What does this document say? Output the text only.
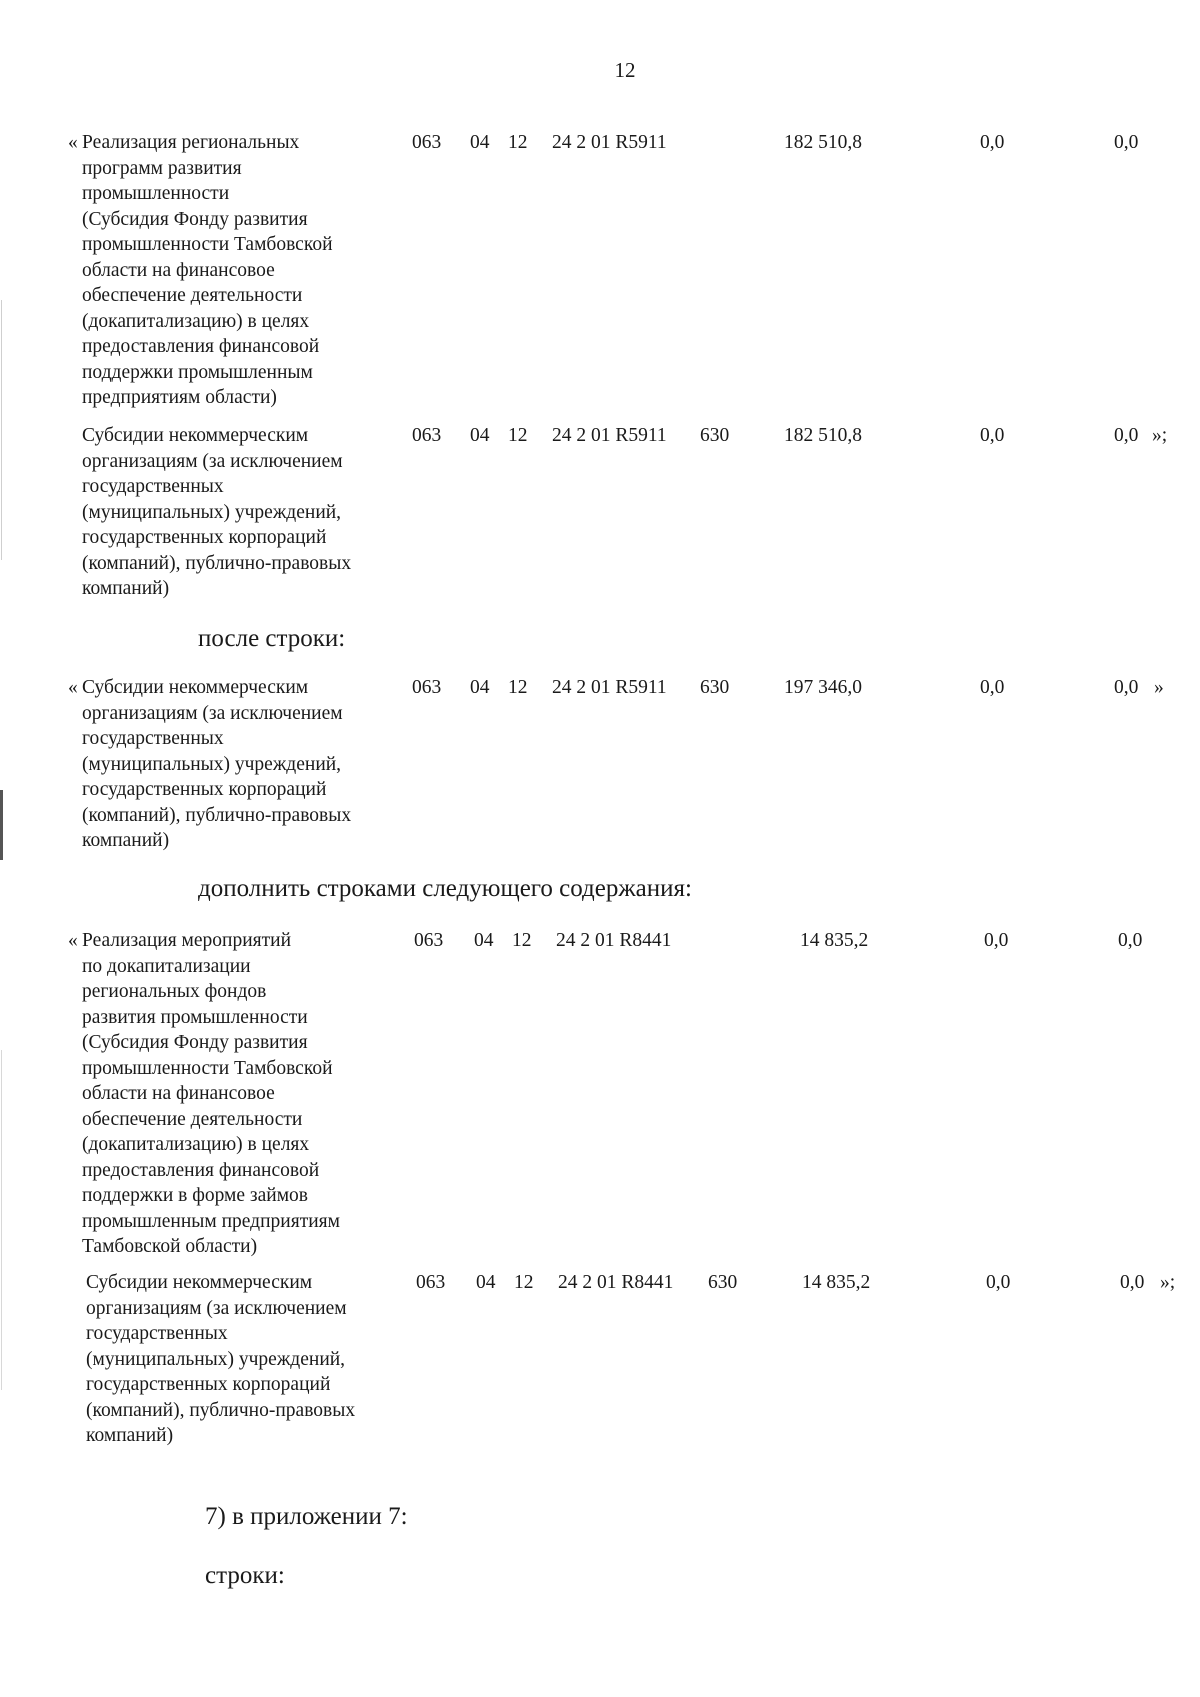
12
« Реализация региональных
программ развития
промышленности
(Субсидия Фонду развития
промышленности Тамбовской
области на финансовое
обеспечение деятельности
(докапитализацию) в целях
предоставления финансовой
поддержки промышленным
предприятиям области)
063 04 12 24 2 01 R5911	182 510,8	0,0	0,0
Субсидии некоммерческим
организациям (за исключением
государственных
(муниципальных) учреждений,
государственных корпораций
(компаний), публично-правовых
компаний)
063 04 12 24 2 01 R5911 630	182 510,8	0,0	0,0 »;
после строки:
« Субсидии некоммерческим
организациям (за исключением
государственных
(муниципальных) учреждений,
государственных корпораций
(компаний), публично-правовых
компаний)
063 04 12 24 2 01 R5911 630	197 346,0	0,0	0,0 »
дополнить строками следующего содержания:
« Реализация мероприятий
по докапитализации
региональных фондов
развития промышленности
(Субсидия Фонду развития
промышленности Тамбовской
области на финансовое
обеспечение деятельности
(докапитализацию) в целях
предоставления финансовой
поддержки в форме займов
промышленным предприятиям
Тамбовской области)
063 04 12 24 2 01 R8441	14 835,2	0,0	0,0
Субсидии некоммерческим
организациям (за исключением
государственных
(муниципальных) учреждений,
государственных корпораций
(компаний), публично-правовых
компаний)
063 04 12 24 2 01 R8441 630	14 835,2	0,0	0,0 »;
7) в приложении 7:
строки:
